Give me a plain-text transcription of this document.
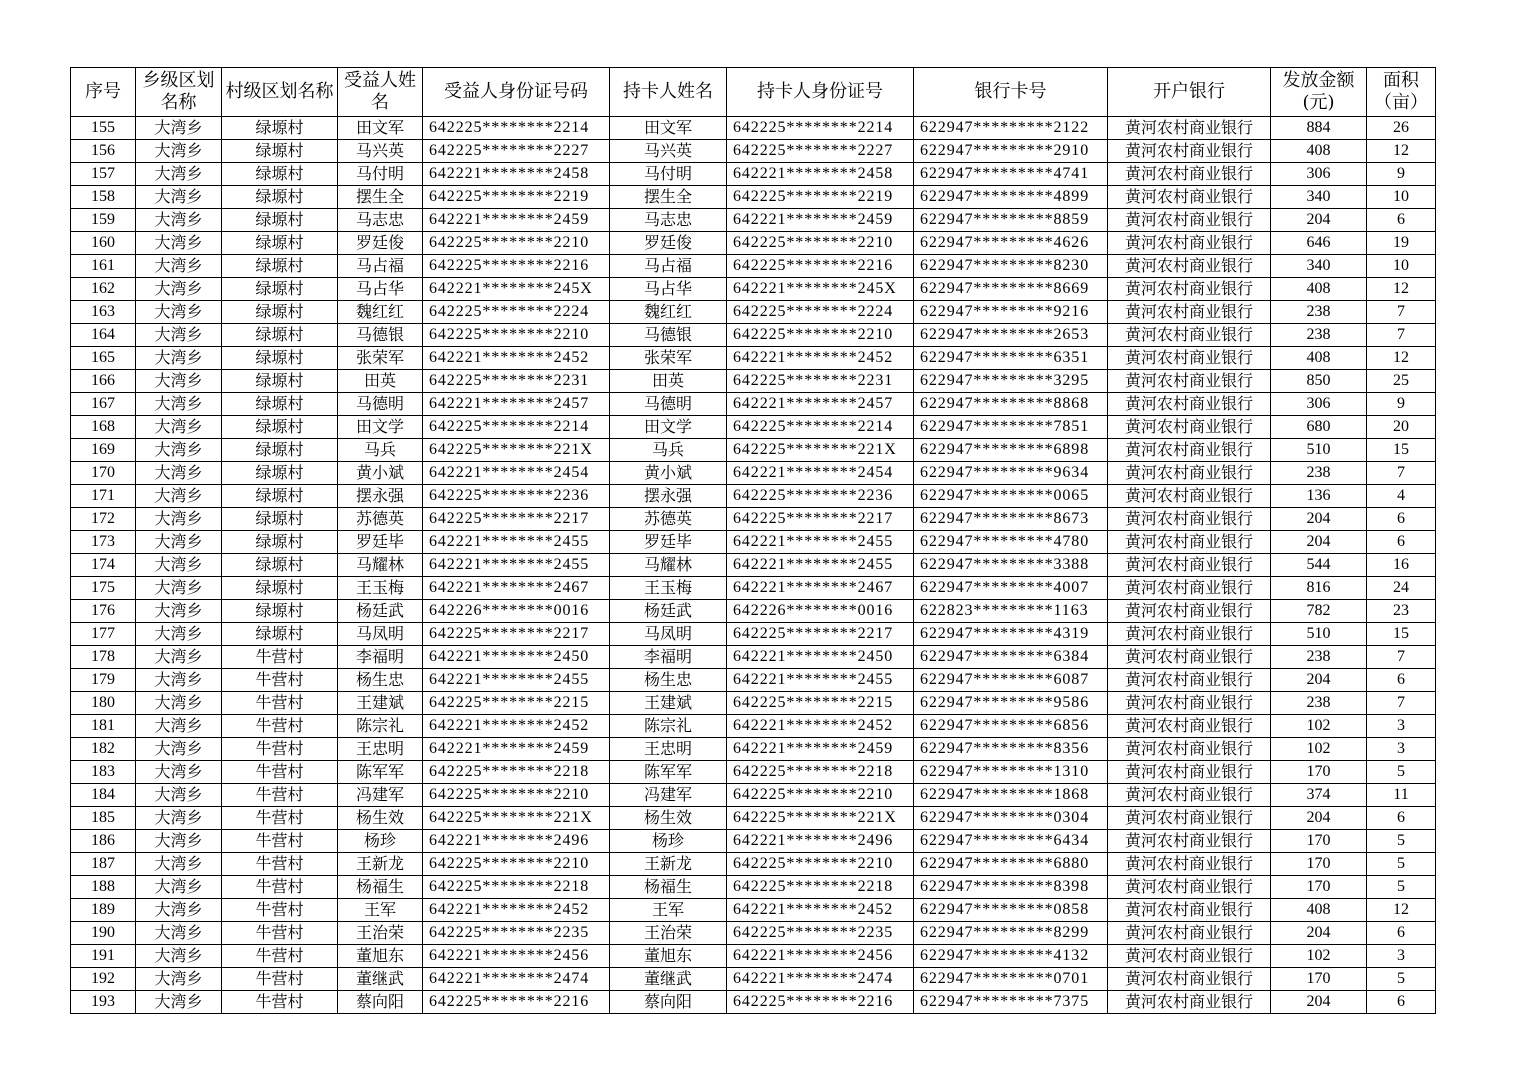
序号	乡级区划名称	村级区划名称	受益人姓名	受益人身份证号码	持卡人姓名	持卡人身份证号	银行卡号	开户银行	发放金额(元)	面积（亩）
155	大湾乡	绿塬村	田文军	642225********2214	田文军	642225********2214	622947*********2122	黄河农村商业银行	884	26
156	大湾乡	绿塬村	马兴英	642225********2227	马兴英	642225********2227	622947*********2910	黄河农村商业银行	408	12
157	大湾乡	绿塬村	马付明	642221********2458	马付明	642221********2458	622947*********4741	黄河农村商业银行	306	9
158	大湾乡	绿塬村	摆生全	642225********2219	摆生全	642225********2219	622947*********4899	黄河农村商业银行	340	10
159	大湾乡	绿塬村	马志忠	642221********2459	马志忠	642221********2459	622947*********8859	黄河农村商业银行	204	6
160	大湾乡	绿塬村	罗廷俊	642225********2210	罗廷俊	642225********2210	622947*********4626	黄河农村商业银行	646	19
161	大湾乡	绿塬村	马占福	642225********2216	马占福	642225********2216	622947*********8230	黄河农村商业银行	340	10
162	大湾乡	绿塬村	马占华	642221********245X	马占华	642221********245X	622947*********8669	黄河农村商业银行	408	12
163	大湾乡	绿塬村	魏红红	642225********2224	魏红红	642225********2224	622947*********9216	黄河农村商业银行	238	7
164	大湾乡	绿塬村	马德银	642225********2210	马德银	642225********2210	622947*********2653	黄河农村商业银行	238	7
165	大湾乡	绿塬村	张荣军	642221********2452	张荣军	642221********2452	622947*********6351	黄河农村商业银行	408	12
166	大湾乡	绿塬村	田英	642225********2231	田英	642225********2231	622947*********3295	黄河农村商业银行	850	25
167	大湾乡	绿塬村	马德明	642221********2457	马德明	642221********2457	622947*********8868	黄河农村商业银行	306	9
168	大湾乡	绿塬村	田文学	642225********2214	田文学	642225********2214	622947*********7851	黄河农村商业银行	680	20
169	大湾乡	绿塬村	马兵	642225********221X	马兵	642225********221X	622947*********6898	黄河农村商业银行	510	15
170	大湾乡	绿塬村	黄小斌	642221********2454	黄小斌	642221********2454	622947*********9634	黄河农村商业银行	238	7
171	大湾乡	绿塬村	摆永强	642225********2236	摆永强	642225********2236	622947*********0065	黄河农村商业银行	136	4
172	大湾乡	绿塬村	苏德英	642225********2217	苏德英	642225********2217	622947*********8673	黄河农村商业银行	204	6
173	大湾乡	绿塬村	罗廷毕	642221********2455	罗廷毕	642221********2455	622947*********4780	黄河农村商业银行	204	6
174	大湾乡	绿塬村	马耀林	642221********2455	马耀林	642221********2455	622947*********3388	黄河农村商业银行	544	16
175	大湾乡	绿塬村	王玉梅	642221********2467	王玉梅	642221********2467	622947*********4007	黄河农村商业银行	816	24
176	大湾乡	绿塬村	杨廷武	642226********0016	杨廷武	642226********0016	622823*********1163	黄河农村商业银行	782	23
177	大湾乡	绿塬村	马凤明	642225********2217	马凤明	642225********2217	622947*********4319	黄河农村商业银行	510	15
178	大湾乡	牛营村	李福明	642221********2450	李福明	642221********2450	622947*********6384	黄河农村商业银行	238	7
179	大湾乡	牛营村	杨生忠	642221********2455	杨生忠	642221********2455	622947*********6087	黄河农村商业银行	204	6
180	大湾乡	牛营村	王建斌	642225********2215	王建斌	642225********2215	622947*********9586	黄河农村商业银行	238	7
181	大湾乡	牛营村	陈宗礼	642221********2452	陈宗礼	642221********2452	622947*********6856	黄河农村商业银行	102	3
182	大湾乡	牛营村	王忠明	642221********2459	王忠明	642221********2459	622947*********8356	黄河农村商业银行	102	3
183	大湾乡	牛营村	陈军军	642225********2218	陈军军	642225********2218	622947*********1310	黄河农村商业银行	170	5
184	大湾乡	牛营村	冯建军	642225********2210	冯建军	642225********2210	622947*********1868	黄河农村商业银行	374	11
185	大湾乡	牛营村	杨生效	642225********221X	杨生效	642225********221X	622947*********0304	黄河农村商业银行	204	6
186	大湾乡	牛营村	杨珍	642221********2496	杨珍	642221********2496	622947*********6434	黄河农村商业银行	170	5
187	大湾乡	牛营村	王新龙	642225********2210	王新龙	642225********2210	622947*********6880	黄河农村商业银行	170	5
188	大湾乡	牛营村	杨福生	642225********2218	杨福生	642225********2218	622947*********8398	黄河农村商业银行	170	5
189	大湾乡	牛营村	王军	642221********2452	王军	642221********2452	622947*********0858	黄河农村商业银行	408	12
190	大湾乡	牛营村	王治荣	642225********2235	王治荣	642225********2235	622947*********8299	黄河农村商业银行	204	6
191	大湾乡	牛营村	董旭东	642221********2456	董旭东	642221********2456	622947*********4132	黄河农村商业银行	102	3
192	大湾乡	牛营村	董继武	642221********2474	董继武	642221********2474	622947*********0701	黄河农村商业银行	170	5
193	大湾乡	牛营村	蔡向阳	642225********2216	蔡向阳	642225********2216	622947*********7375	黄河农村商业银行	204	6
